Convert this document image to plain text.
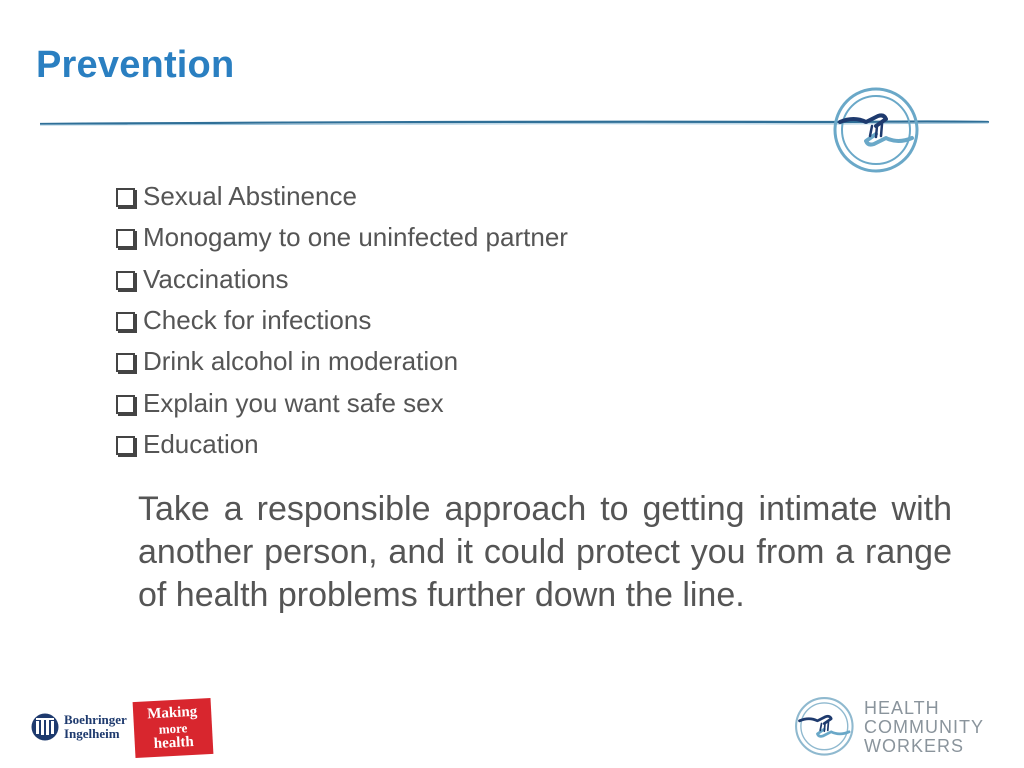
Prevention
Sexual Abstinence
Monogamy to one uninfected partner
Vaccinations
Check for infections
Drink alcohol in moderation
Explain you want safe sex
Education

Take a responsible approach to getting intimate with another person, and it could protect you from a range of health problems further down the line.

Boehringer
Ingelheim
Making
more
health
HEALTH
COMMUNITY
WORKERS
